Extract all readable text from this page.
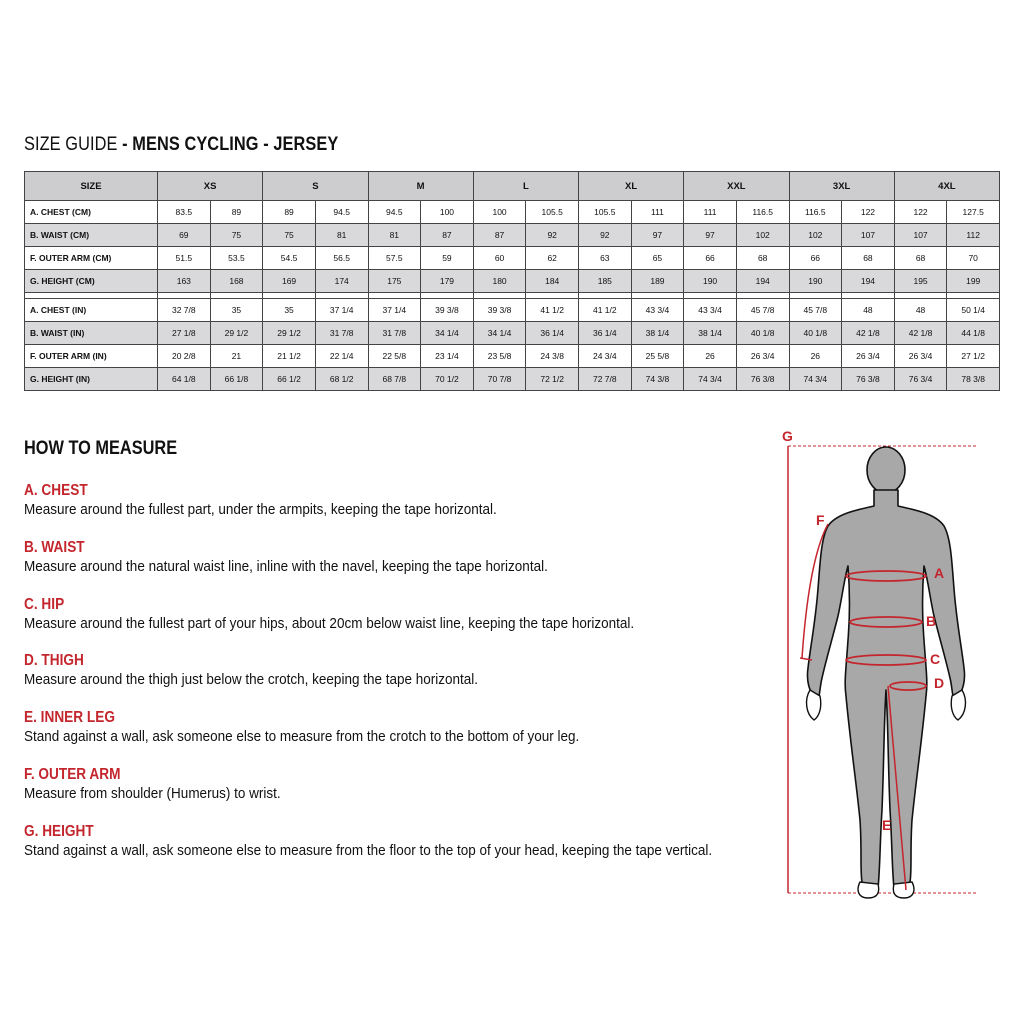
SIZE GUIDE - MENS CYCLING - JERSEY
SIZE	XS		S		M		L		XL		XXL		3XL		4XL	
A. CHEST (CM)	83.5	89	89	94.5	94.5	100	100	105.5	105.5	111	111	116.5	116.5	122	122	127.5
B. WAIST (CM)	69	75	75	81	81	87	87	92	92	97	97	102	102	107	107	112
F. OUTER ARM (CM)	51.5	53.5	54.5	56.5	57.5	59	60	62	63	65	66	68	66	68	68	70
G. HEIGHT (CM)	163	168	169	174	175	179	180	184	185	189	190	194	190	194	195	199

A. CHEST (IN)	32 7/8	35	35	37 1/4	37 1/4	39 3/8	39 3/8	41 1/2	41 1/2	43 3/4	43 3/4	45 7/8	45 7/8	48	48	50 1/4
B. WAIST (IN)	27 1/8	29 1/2	29 1/2	31 7/8	31 7/8	34 1/4	34 1/4	36 1/4	36 1/4	38 1/4	38 1/4	40 1/8	40 1/8	42 1/8	42 1/8	44 1/8
F. OUTER ARM (IN)	20 2/8	21	21 1/2	22 1/4	22 5/8	23 1/4	23 5/8	24 3/8	24 3/4	25 5/8	26	26 3/4	26	26 3/4	26 3/4	27 1/2
G. HEIGHT (IN)	64 1/8	66 1/8	66 1/2	68 1/2	68 7/8	70 1/2	70 7/8	72 1/2	72 7/8	74 3/8	74 3/4	76 3/8	74 3/4	76 3/8	76 3/4	78 3/8
HOW TO MEASURE
A. CHEST
Measure around the fullest part, under the armpits, keeping the tape horizontal.
B. WAIST
Measure around the natural waist line, inline with the navel, keeping the tape horizontal.
C. HIP
Measure around the fullest part of your hips, about 20cm below waist line, keeping the tape horizontal.
D. THIGH
Measure around the thigh just below the crotch, keeping the tape horizontal.
E. INNER LEG
Stand against a wall, ask someone else to measure from the crotch to the bottom of your leg.
F. OUTER ARM
Measure from shoulder (Humerus) to wrist.
G. HEIGHT
Stand against a wall, ask someone else to measure from the floor to the top of your head, keeping the tape vertical.
G
F
A
B
C
D
E
